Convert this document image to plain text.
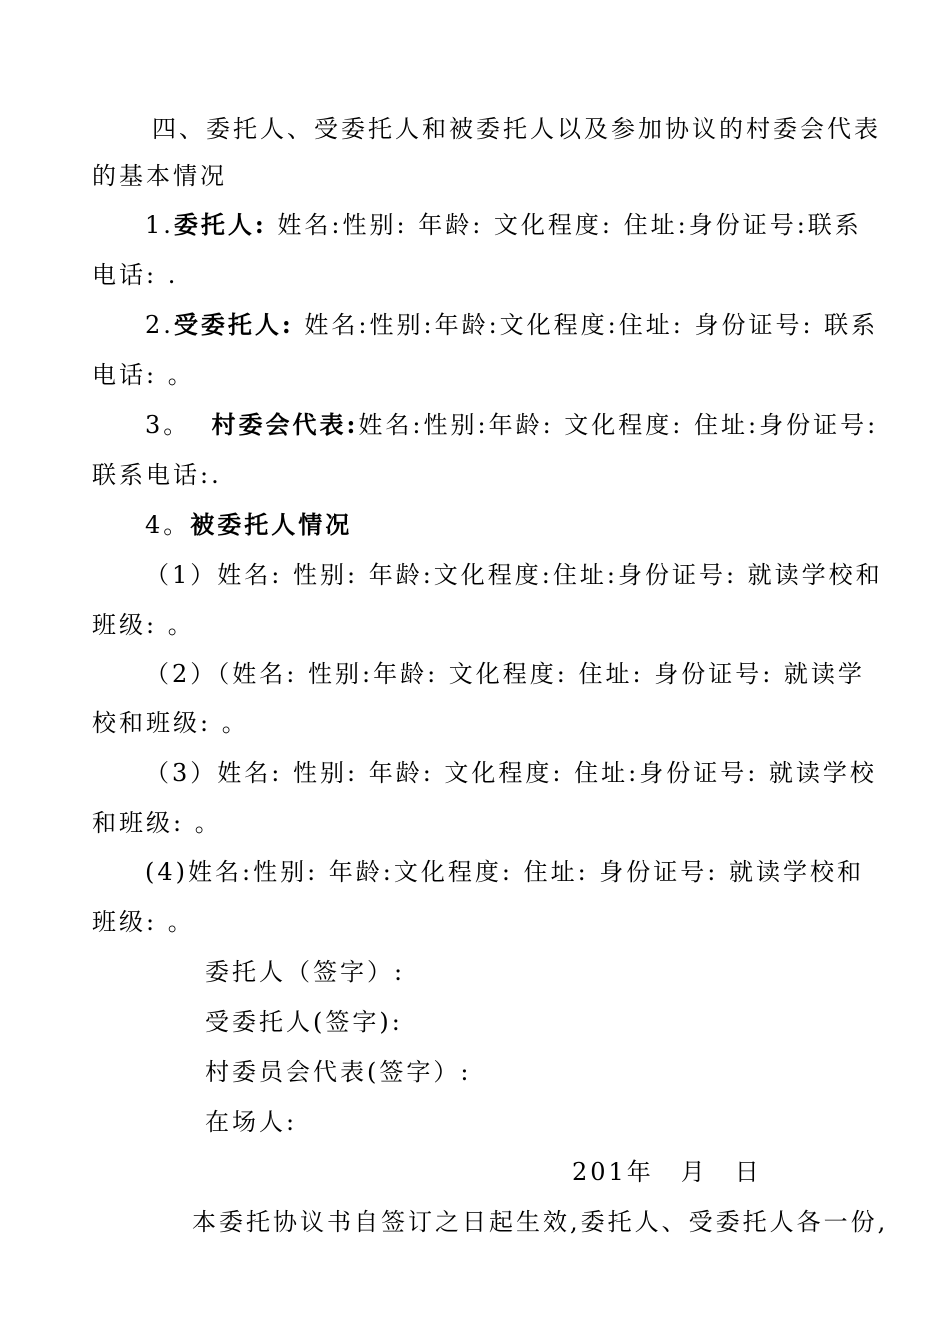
四、委托人、受委托人和被委托人以及参加协议的村委会代表
的基本情况
1.委托人: 姓名:性别: 年龄: 文化程度: 住址:身份证号:联系
电话: .
2.受委托人: 姓名:性别:年龄:文化程度:住址: 身份证号: 联系
电话: 。
3。 村委会代表:姓名:性别:年龄: 文化程度: 住址:身份证号:
联系电话:.
4。被委托人情况
（1）姓名: 性别: 年龄:文化程度:住址:身份证号: 就读学校和
班级: 。
（2）（姓名: 性别:年龄: 文化程度: 住址: 身份证号: 就读学
校和班级: 。
（3）姓名: 性别: 年龄: 文化程度: 住址:身份证号: 就读学校
和班级: 。
(4)姓名:性别: 年龄:文化程度: 住址: 身份证号: 就读学校和
班级: 。
委托人（签字）:
受委托人(签字):
村委员会代表(签字）:
在场人:
201年　月　日
本委托协议书自签订之日起生效,委托人、受委托人各一份,
